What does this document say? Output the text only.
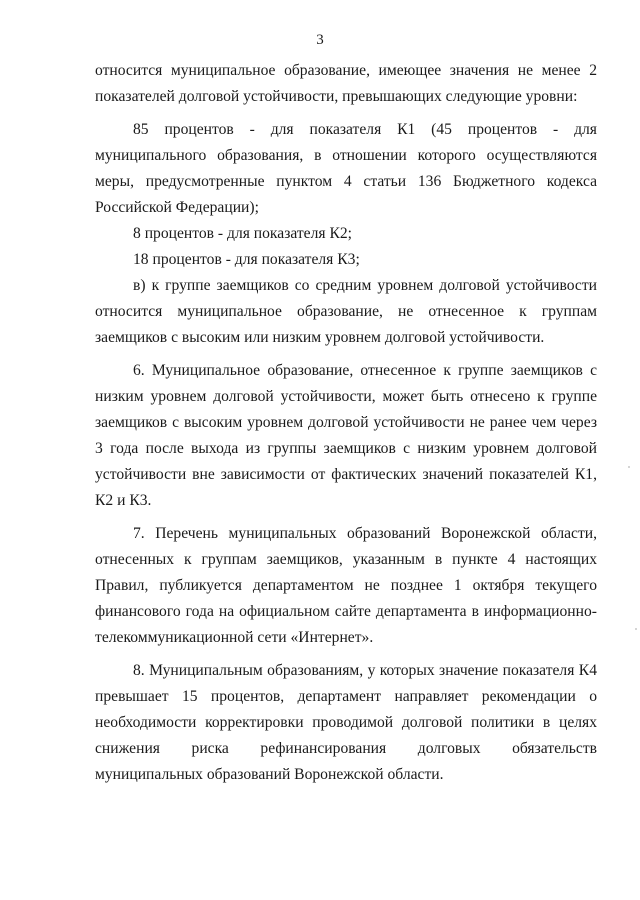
3

относится муниципальное образование, имеющее значения не менее 2 показателей долговой устойчивости, превышающих следующие уровни:

85 процентов - для показателя К1 (45 процентов - для муниципального образования, в отношении которого осуществляются меры, предусмотренные пунктом 4 статьи 136 Бюджетного кодекса Российской Федерации);

8 процентов - для показателя К2;

18 процентов - для показателя К3;

в) к группе заемщиков со средним уровнем долговой устойчивости относится муниципальное образование, не отнесенное к группам заемщиков с высоким или низким уровнем долговой устойчивости.

6. Муниципальное образование, отнесенное к группе заемщиков с низким уровнем долговой устойчивости, может быть отнесено к группе заемщиков с высоким уровнем долговой устойчивости не ранее чем через 3 года после выхода из группы заемщиков с низким уровнем долговой устойчивости вне зависимости от фактических значений показателей К1, К2 и К3.

7. Перечень муниципальных образований Воронежской области, отнесенных к группам заемщиков, указанным в пункте 4 настоящих Правил, публикуется департаментом не позднее 1 октября текущего финансового года на официальном сайте департамента в информационно-телекоммуникационной сети «Интернет».

8. Муниципальным образованиям, у которых значение показателя К4 превышает 15 процентов, департамент направляет рекомендации о необходимости корректировки проводимой долговой политики в целях снижения риска рефинансирования долговых обязательств муниципальных образований Воронежской области.
